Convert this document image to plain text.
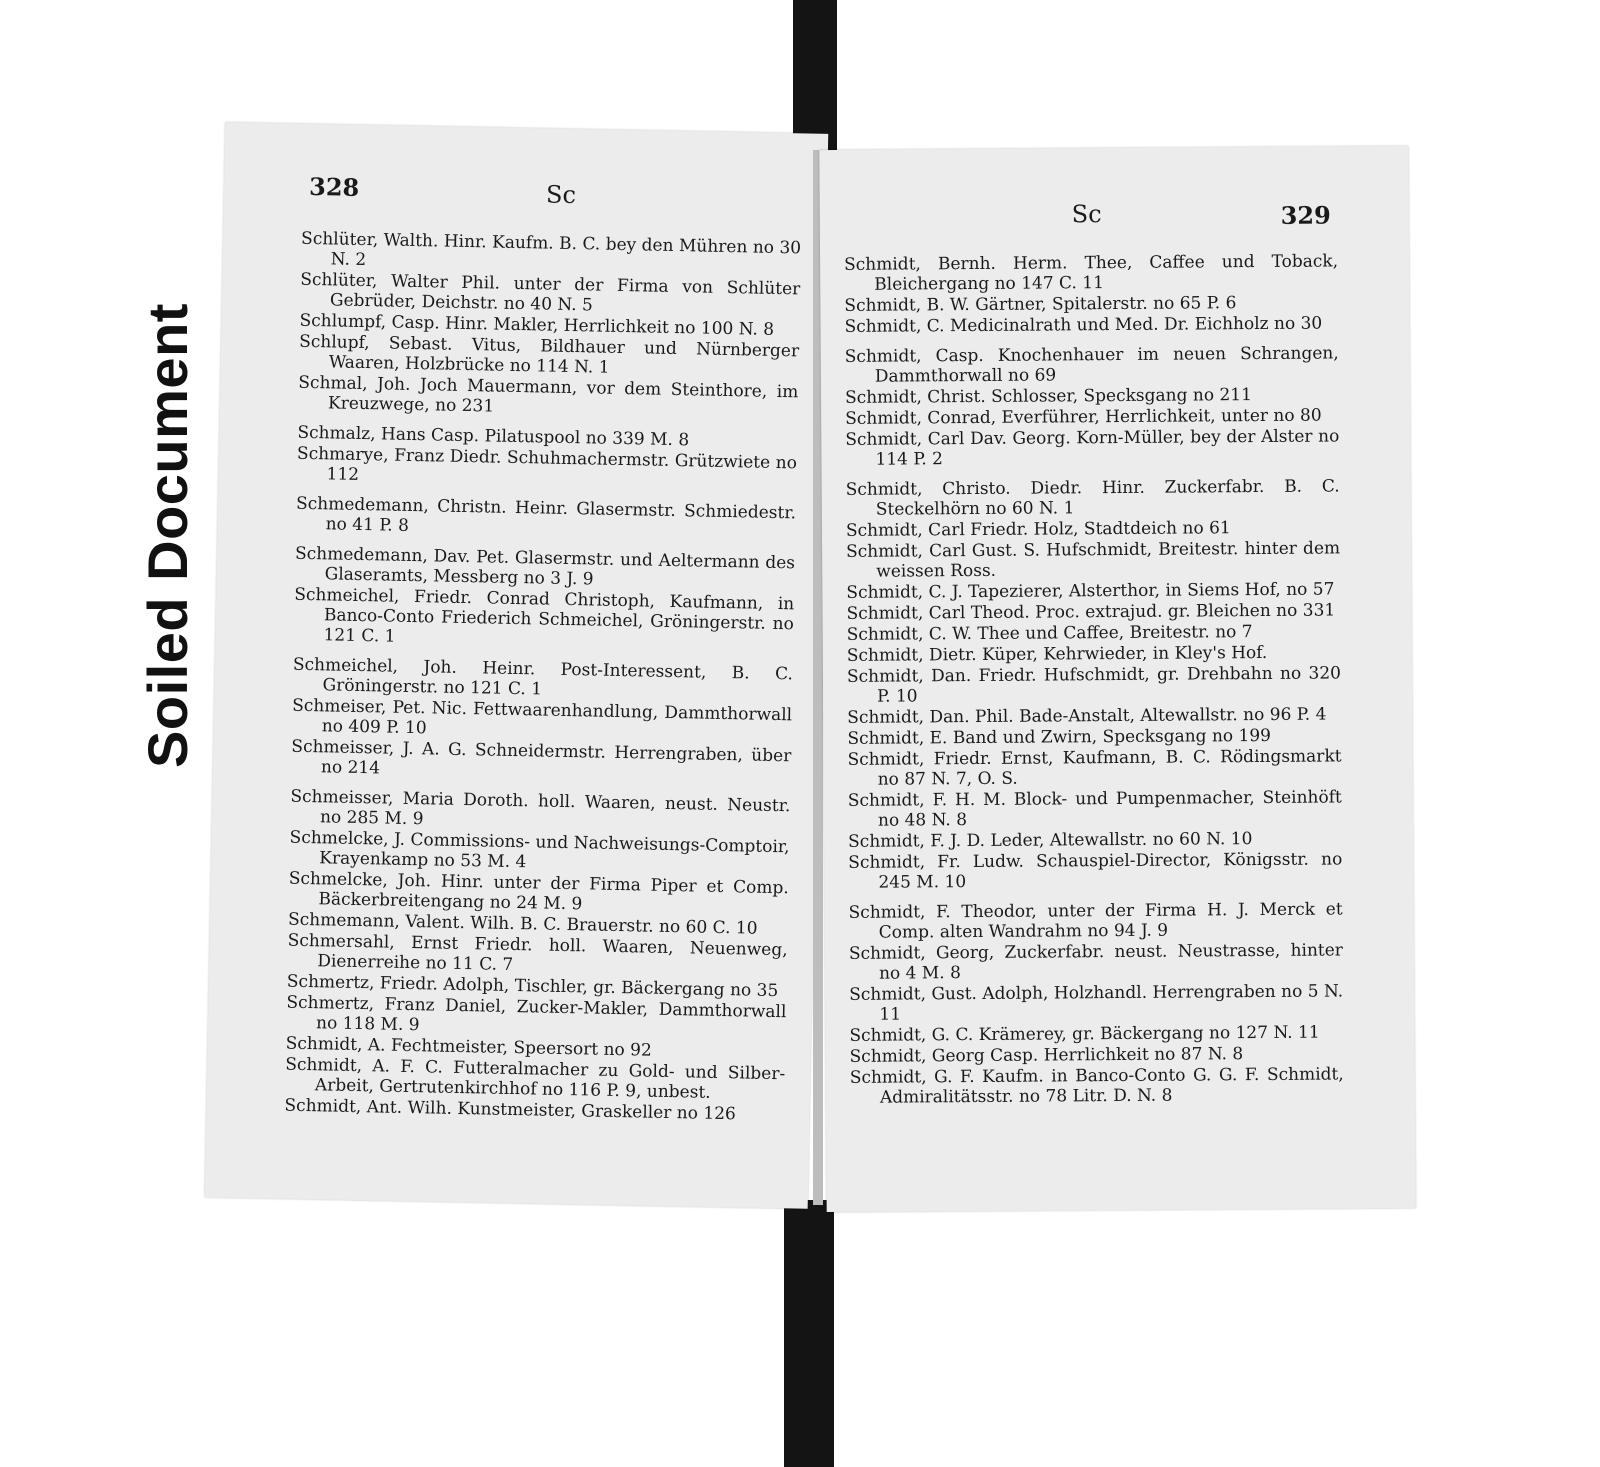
Soiled Document
328	Sc
Schlüter, Walth. Hinr. Kaufm. B. C. bey den Mühren no 30 N. 2
Schlüter, Walter Phil. unter der Firma von Schlüter Gebrüder, Deichstr. no 40 N. 5
Schlumpf, Casp. Hinr. Makler, Herrlichkeit no 100 N. 8
Schlupf, Sebast. Vitus, Bildhauer und Nürnberger Waaren, Holzbrücke no 114 N. 1
Schmal, Joh. Joch Mauermann, vor dem Steinthore, im Kreuzwege, no 231
Schmalz, Hans Casp. Pilatuspool no 339 M. 8
Schmarye, Franz Diedr. Schuhmachermstr. Grützwiete no 112
Schmedemann, Christn. Heinr. Glasermstr. Schmiedestr. no 41 P. 8
Schmedemann, Dav. Pet. Glasermstr. und Aeltermann des Glaseramts, Messberg no 3 J. 9
Schmeichel, Friedr. Conrad Christoph, Kaufmann, in Banco-Conto Friederich Schmeichel, Gröningerstr. no 121 C. 1
Schmeichel, Joh. Heinr. Post-Interessent, B. C. Gröningerstr. no 121 C. 1
Schmeiser, Pet. Nic. Fettwaarenhandlung, Dammthorwall no 409 P. 10
Schmeisser, J. A. G. Schneidermstr. Herrengraben, über no 214
Schmeisser, Maria Doroth. holl. Waaren, neust. Neustr. no 285 M. 9
Schmelcke, J. Commissions- und Nachweisungs-Comptoir, Krayenkamp no 53 M. 4
Schmelcke, Joh. Hinr. unter der Firma Piper et Comp. Bäckerbreitengang no 24 M. 9
Schmemann, Valent. Wilh. B. C. Brauerstr. no 60 C. 10
Schmersahl, Ernst Friedr. holl. Waaren, Neuenweg, Dienerreihe no 11 C. 7
Schmertz, Friedr. Adolph, Tischler, gr. Bäckergang no 35
Schmertz, Franz Daniel, Zucker-Makler, Dammthorwall no 118 M. 9
Schmidt, A. Fechtmeister, Speersort no 92
Schmidt, A. F. C. Futteralmacher zu Gold- und Silber-Arbeit, Gertrutenkirchhof no 116 P. 9, unbest.
Schmidt, Ant. Wilh. Kunstmeister, Graskeller no 126
Sc	329
Schmidt, Bernh. Herm. Thee, Caffee und Toback, Bleichergang no 147 C. 11
Schmidt, B. W. Gärtner, Spitalerstr. no 65 P. 6
Schmidt, C. Medicinalrath und Med. Dr. Eichholz no 30
Schmidt, Casp. Knochenhauer im neuen Schrangen, Dammthorwall no 69
Schmidt, Christ. Schlosser, Specksgang no 211
Schmidt, Conrad, Everführer, Herrlichkeit, unter no 80
Schmidt, Carl Dav. Georg. Korn-Müller, bey der Alster no 114 P. 2
Schmidt, Christo. Diedr. Hinr. Zuckerfabr. B. C. Steckelhörn no 60 N. 1
Schmidt, Carl Friedr. Holz, Stadtdeich no 61
Schmidt, Carl Gust. S. Hufschmidt, Breitestr. hinter dem weissen Ross.
Schmidt, C. J. Tapezierer, Alsterthor, in Siems Hof, no 57
Schmidt, Carl Theod. Proc. extrajud. gr. Bleichen no 331
Schmidt, C. W. Thee und Caffee, Breitestr. no 7
Schmidt, Dietr. Küper, Kehrwieder, in Kley's Hof.
Schmidt, Dan. Friedr. Hufschmidt, gr. Drehbahn no 320 P. 10
Schmidt, Dan. Phil. Bade-Anstalt, Altewallstr. no 96 P. 4
Schmidt, E. Band und Zwirn, Specksgang no 199
Schmidt, Friedr. Ernst, Kaufmann, B. C. Rödingsmarkt no 87 N. 7, O. S.
Schmidt, F. H. M. Block- und Pumpenmacher, Steinhöft no 48 N. 8
Schmidt, F. J. D. Leder, Altewallstr. no 60 N. 10
Schmidt, Fr. Ludw. Schauspiel-Director, Königsstr. no 245 M. 10
Schmidt, F. Theodor, unter der Firma H. J. Merck et Comp. alten Wandrahm no 94 J. 9
Schmidt, Georg, Zuckerfabr. neust. Neustrasse, hinter no 4 M. 8
Schmidt, Gust. Adolph, Holzhandl. Herrengraben no 5 N. 11
Schmidt, G. C. Krämerey, gr. Bäckergang no 127 N. 11
Schmidt, Georg Casp. Herrlichkeit no 87 N. 8
Schmidt, G. F. Kaufm. in Banco-Conto G. G. F. Schmidt, Admiralitätsstr. no 78 Litr. D. N. 8
